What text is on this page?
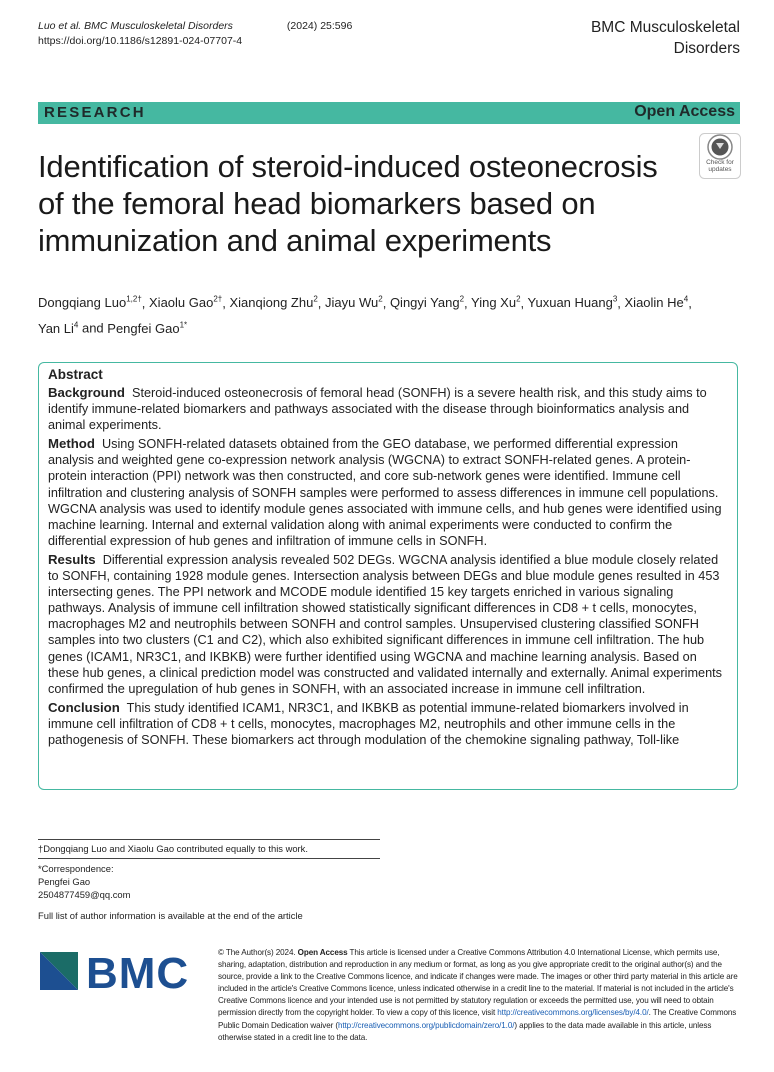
Luo et al. BMC Musculoskeletal Disorders	(2024) 25:596
https://doi.org/10.1186/s12891-024-07707-4
BMC Musculoskeletal
Disorders
RESEARCH	Open Access
Check for
updates
Identification of steroid-induced osteonecrosis of the femoral head biomarkers based on immunization and animal experiments
Dongqiang Luo$^{1,2\dagger}$, Xiaolu Gao$^{2\dagger}$, Xianqiong Zhu$^2$, Jiayu Wu$^2$, Qingyi Yang$^2$, Ying Xu$^2$, Yuxuan Huang$^3$, Xiaolin He$^4$,
Yan Li$^4$ and Pengfei Gao$^{1*}$
Abstract

Background Steroid-induced osteonecrosis of femoral head (SONFH) is a severe health risk, and this study aims to identify immune-related biomarkers and pathways associated with the disease through bioinformatics analysis and animal experiments.

Method Using SONFH-related datasets obtained from the GEO database, we performed differential expression analysis and weighted gene co-expression network analysis (WGCNA) to extract SONFH-related genes. A protein-protein interaction (PPI) network was then constructed, and core sub-network genes were identified. Immune cell infiltration and clustering analysis of SONFH samples were performed to assess differences in immune cell populations. WGCNA analysis was used to identify module genes associated with immune cells, and hub genes were identified using machine learning. Internal and external validation along with animal experiments were conducted to confirm the differential expression of hub genes and infiltration of immune cells in SONFH.

Results Differential expression analysis revealed 502 DEGs. WGCNA analysis identified a blue module closely related to SONFH, containing 1928 module genes. Intersection analysis between DEGs and blue module genes resulted in 453 intersecting genes. The PPI network and MCODE module identified 15 key targets enriched in various signaling pathways. Analysis of immune cell infiltration showed statistically significant differences in CD8 + t cells, monocytes, macrophages M2 and neutrophils between SONFH and control samples. Unsupervised clustering classified SONFH samples into two clusters (C1 and C2), which also exhibited significant differences in immune cell infiltration. The hub genes (ICAM1, NR3C1, and IKBKB) were further identified using WGCNA and machine learning analysis. Based on these hub genes, a clinical prediction model was constructed and validated internally and externally. Animal experiments confirmed the upregulation of hub genes in SONFH, with an associated increase in immune cell infiltration.

Conclusion This study identified ICAM1, NR3C1, and IKBKB as potential immune-related biomarkers involved in immune cell infiltration of CD8 + t cells, monocytes, macrophages M2, neutrophils and other immune cells in the pathogenesis of SONFH. These biomarkers act through modulation of the chemokine signaling pathway, Toll-like

†Dongqiang Luo and Xiaolu Gao contributed equally to this work.
*Correspondence:
Pengfei Gao
2504877459@qq.com
Full list of author information is available at the end of the article
BMC	© The Author(s) 2024. Open Access This article is licensed under a Creative Commons Attribution 4.0 International License, which permits use, sharing, adaptation, distribution and reproduction in any medium or format, as long as you give appropriate credit to the original author(s) and the source, provide a link to the Creative Commons licence, and indicate if changes were made. The images or other third party material in this article are included in the article's Creative Commons licence, unless indicated otherwise in a credit line to the material. If material is not included in the article's Creative Commons licence and your intended use is not permitted by statutory regulation or exceeds the permitted use, you will need to obtain permission directly from the copyright holder. To view a copy of this licence, visit http://creativecommons.org/licenses/by/4.0/. The Creative Commons Public Domain Dedication waiver (http://creativecommons.org/publicdomain/zero/1.0/) applies to the data made available in this article, unless otherwise stated in a credit line to the data.
